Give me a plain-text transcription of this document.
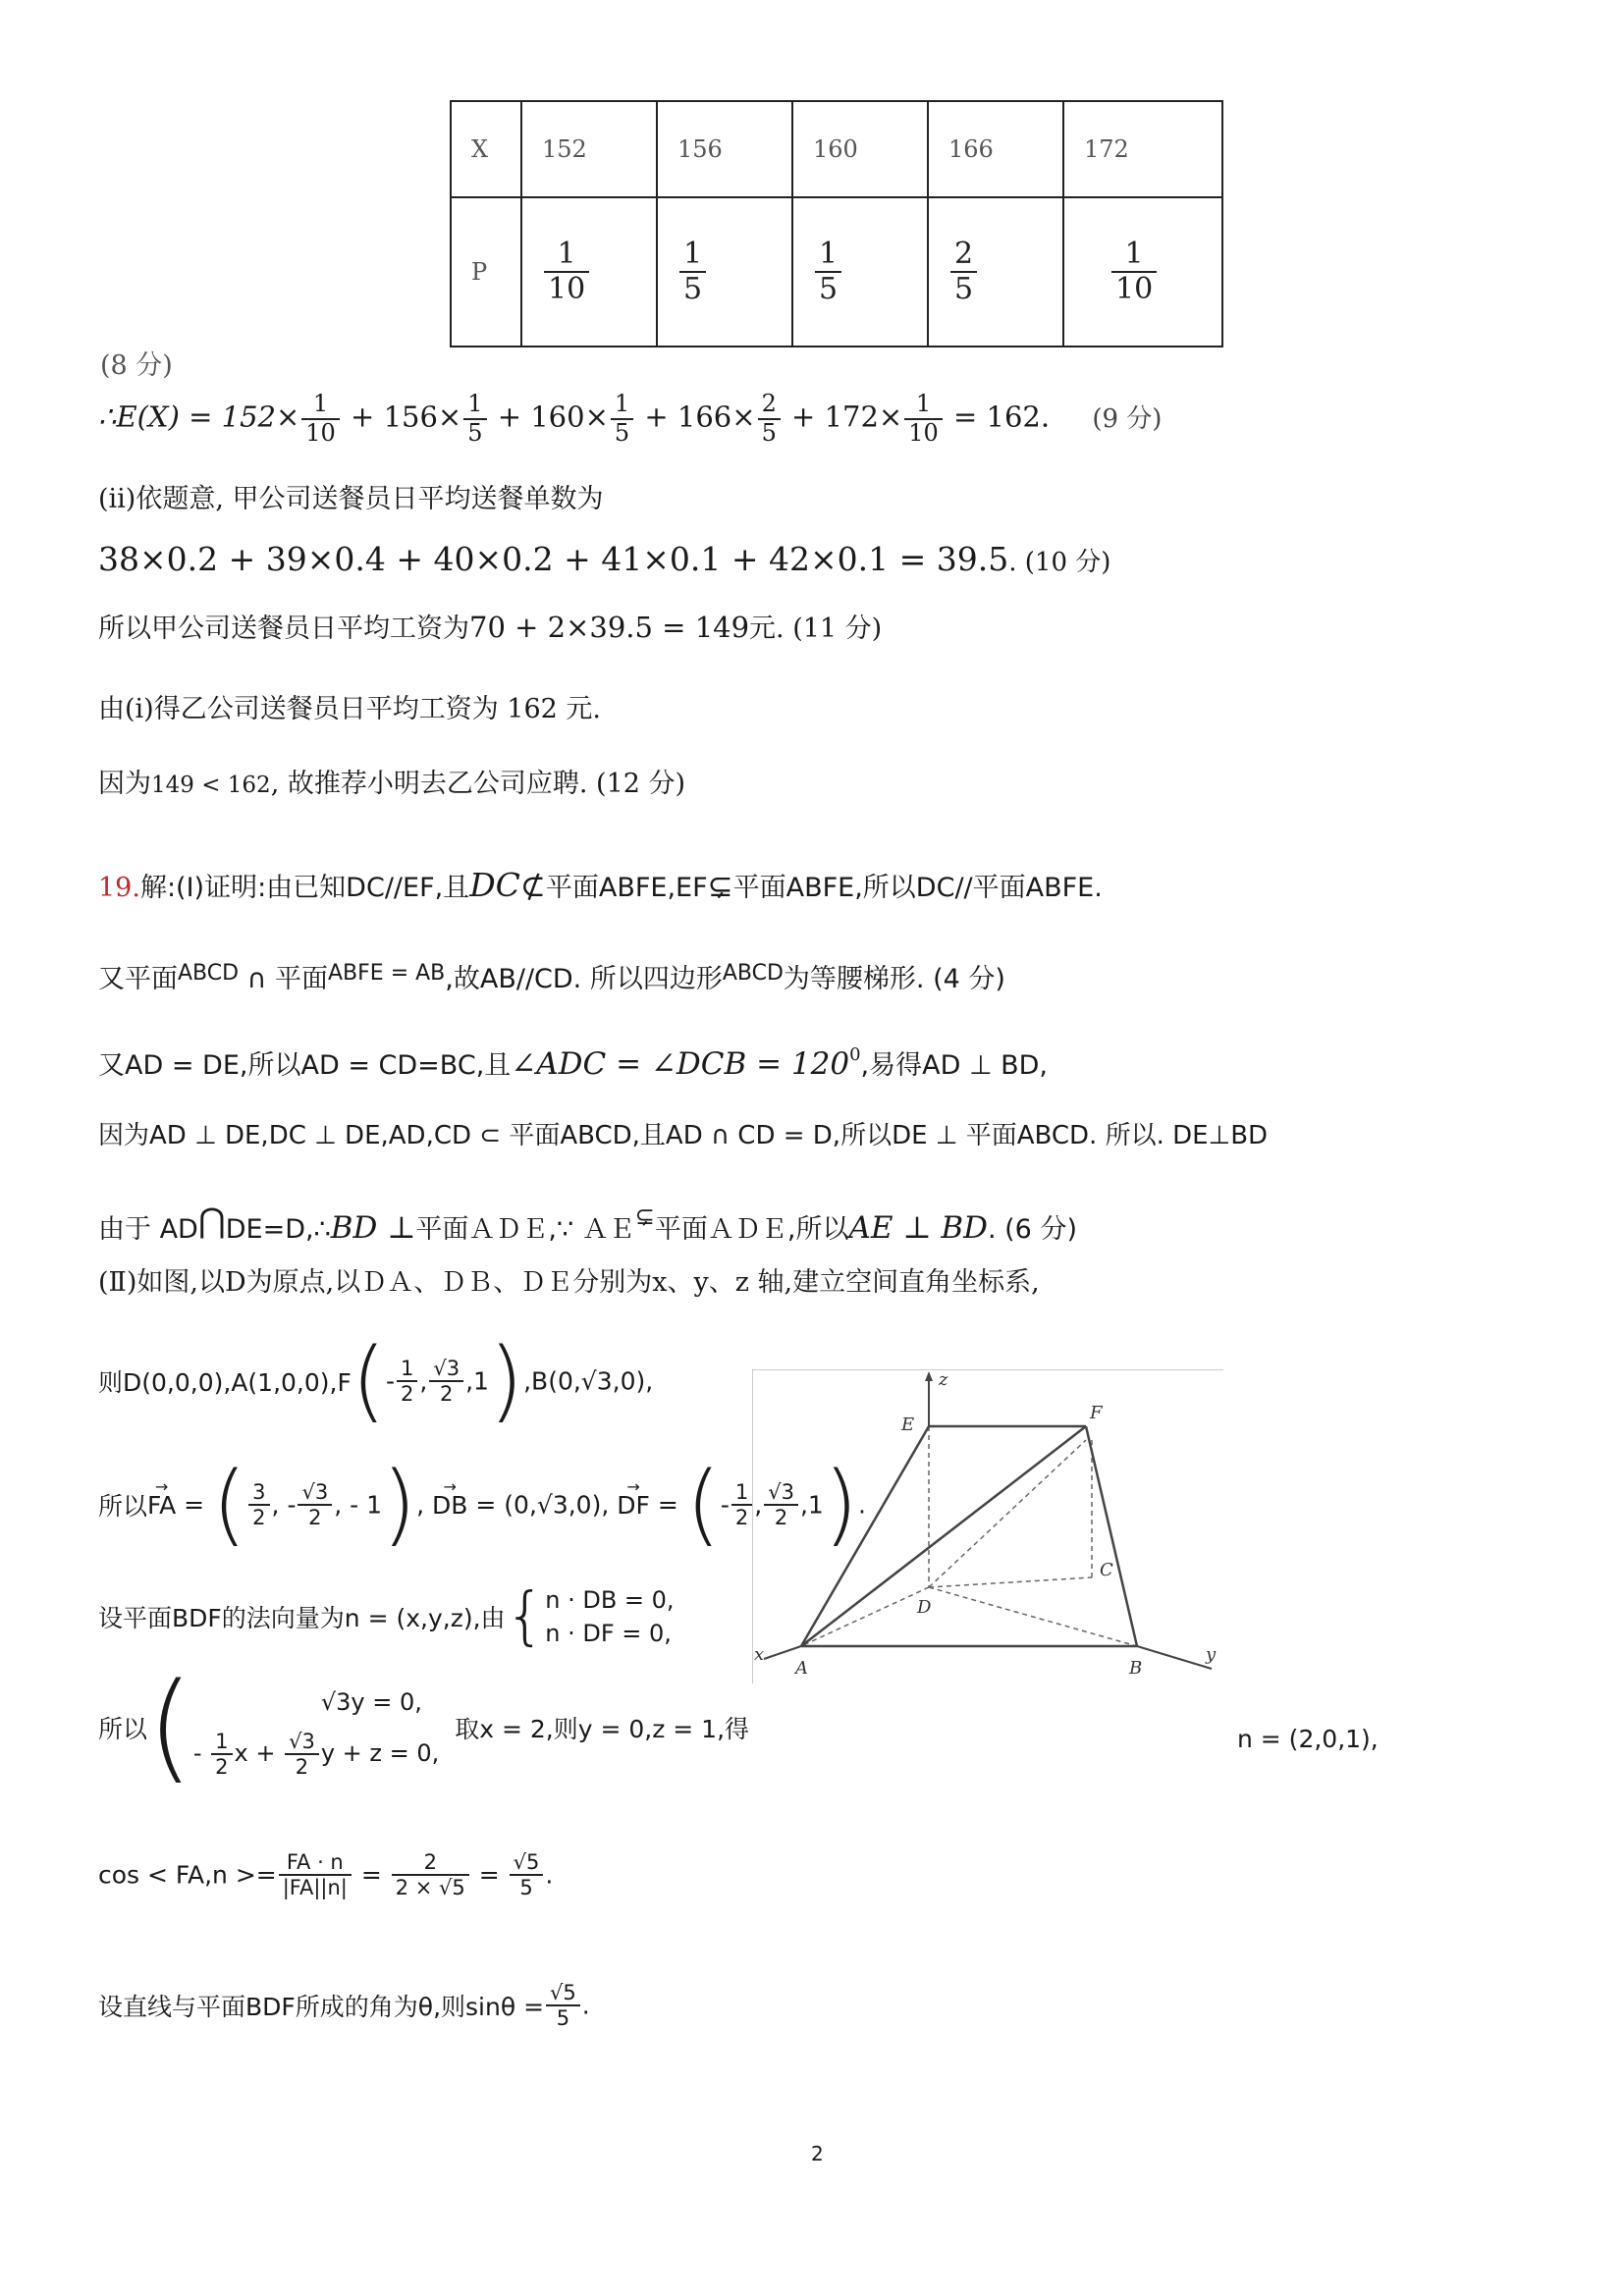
X	152	156	160	166	172
P	$\frac{1}{10}$	$\frac{1}{5}$	$\frac{1}{5}$	$\frac{2}{5}$	$\frac{1}{10}$
(8 分)
∴E(X) = $152\times \frac{1}{10} + 156\times \frac{1}{5} + 160\times \frac{1}{5} + 166\times \frac{2}{5} + 172\times \frac{1}{10} = 162$. (9 分)
(ⅱ)依题意, 甲公司送餐员日平均送餐单数为
38×0.2 + 39×0.4 + 40×0.2 + 41×0.1 + 42×0.1 = 39.5. (10 分)
所以甲公司送餐员日平均工资为70 + 2×39.5 = 149元. (11 分)
由(ⅰ)得乙公司送餐员日平均工资为 162 元.
因为149 < 162, 故推荐小明去乙公司应聘. (12 分)
19.解:(Ⅰ)证明:由已知DC//EF,且DC⊄平面ABFE,EF⊊平面ABFE,所以DC//平面ABFE.
又平面$^{ABCD}$ ∩ 平面$^{ABFE = AB}$,故AB//CD. 所以四边形$^{ABCD}$为等腰梯形. (4 分)
又AD = DE,所以AD = CD=BC,且∠ADC = ∠DCB = $120^0$,易得AD ⊥ BD,
因为AD ⊥ DE,DC ⊥ DE,AD,CD ⊂ 平面ABCD,且AD ∩ CD = D,所以DE ⊥ 平面ABCD. 所以. DE⊥BD
由于 AD⋂DE=D,∴BD ⊥平面ＡＤＥ,∵ ＡＥ⊊平面ＡＤＥ,所以AE ⊥ BD. (6 分)
(Ⅱ)如图,以D为原点,以ＤＡ、ＤＢ、ＤＥ分别为x、y、z 轴,建立空间直角坐标系,
则$D(0,0,0),A(1,0,0),F(- \frac{1}{2}$ , $\frac{√3}{2} ,1),B(0,√3,0)$,
所以→ FA = ( $\frac{3}{2}$ , - $\frac{√3}{2}$ , - 1), → DB = (0,√3,0), → DF = (- $\frac{1}{2}$ , $\frac{√3}{2} ,1$).
设平面BDF的法向量为n = (x,y,z),由{ n · DB = 0,
n · DF = 0,
所以(	√3y = 0,
- $\frac{1}{2}$ $x + \frac{√3}{2}$ y + z = 0,
取x = 2,则y = 0,z = 1,得	n = (2,0,1),
$\cos < FA,n >= \frac{FA \cdot n}{|FA||n|} = \frac{2}{2 \times √5} = \frac{√5}{5}$ .
设直线与平面BDF所成的角为θ,则$\sin\theta = \frac{√5}{5}$ .
z
E
F
C
D
x
A	B
y
2
